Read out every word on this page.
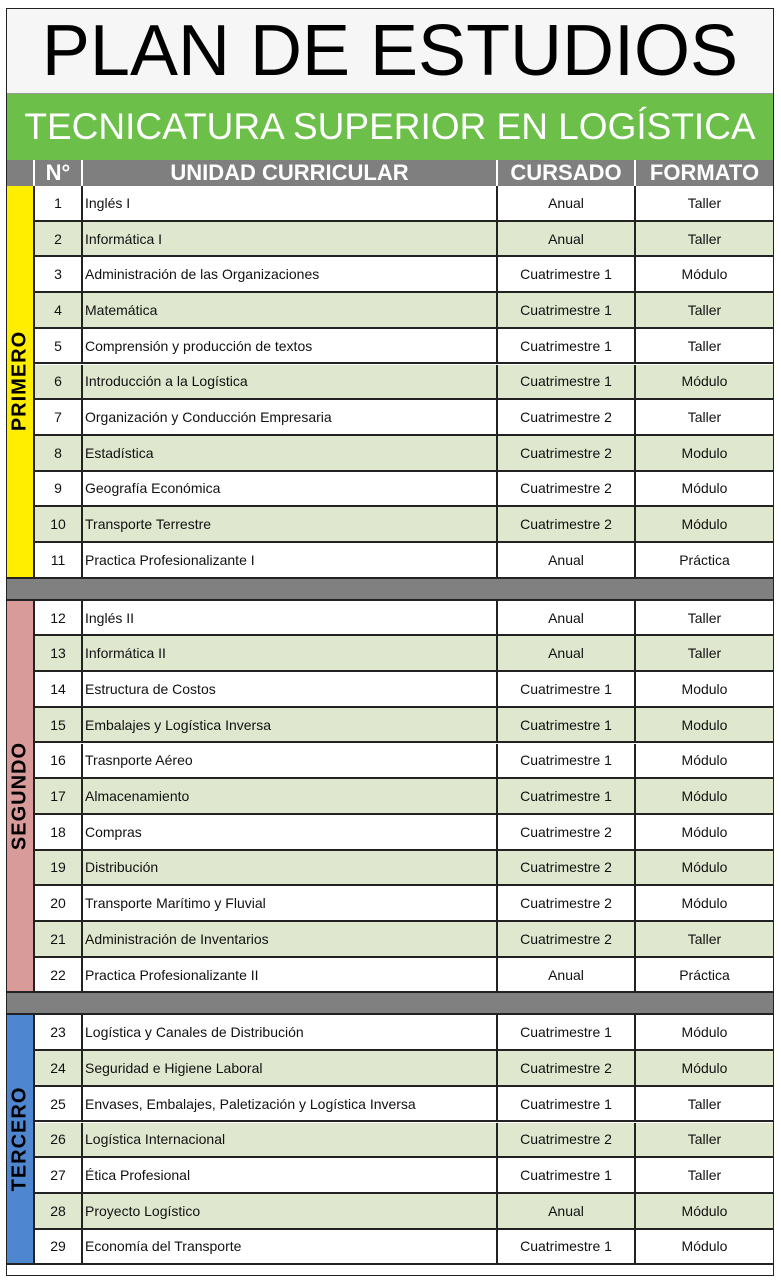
PLAN DE ESTUDIOS
TECNICATURA SUPERIOR EN LOGÍSTICA
N°	UNIDAD CURRICULAR	CURSADO	FORMATO
1	Inglés I	Anual	Taller
2	Informática I	Anual	Taller
3	Administración de las Organizaciones	Cuatrimestre 1	Módulo
4	Matemática	Cuatrimestre 1	Taller
5	Comprensión y producción de textos	Cuatrimestre 1	Taller
6	Introducción a la Logística	Cuatrimestre 1	Módulo
7	Organización y Conducción Empresaria	Cuatrimestre 2	Taller
8	Estadística	Cuatrimestre 2	Modulo
9	Geografía Económica	Cuatrimestre 2	Módulo
10	Transporte Terrestre	Cuatrimestre 2	Módulo
11	Practica Profesionalizante I	Anual	Práctica
PRIMERO
12	Inglés II	Anual	Taller
13	Informática II	Anual	Taller
14	Estructura de Costos	Cuatrimestre 1	Modulo
15	Embalajes y Logística Inversa	Cuatrimestre 1	Modulo
16	Trasnporte Aéreo	Cuatrimestre 1	Módulo
17	Almacenamiento	Cuatrimestre 1	Módulo
18	Compras	Cuatrimestre 2	Módulo
19	Distribución	Cuatrimestre 2	Módulo
20	Transporte Marítimo y Fluvial	Cuatrimestre 2	Módulo
21	Administración de Inventarios	Cuatrimestre 2	Taller
22	Practica Profesionalizante II	Anual	Práctica
SEGUNDO
23	Logística y Canales de Distribución	Cuatrimestre 1	Módulo
24	Seguridad e Higiene Laboral	Cuatrimestre 2	Módulo
25	Envases, Embalajes, Paletización y Logística Inversa	Cuatrimestre 1	Taller
26	Logística Internacional	Cuatrimestre 2	Taller
27	Ética Profesional	Cuatrimestre 1	Taller
28	Proyecto Logístico	Anual	Módulo
29	Economía del Transporte	Cuatrimestre 1	Módulo
TERCERO
